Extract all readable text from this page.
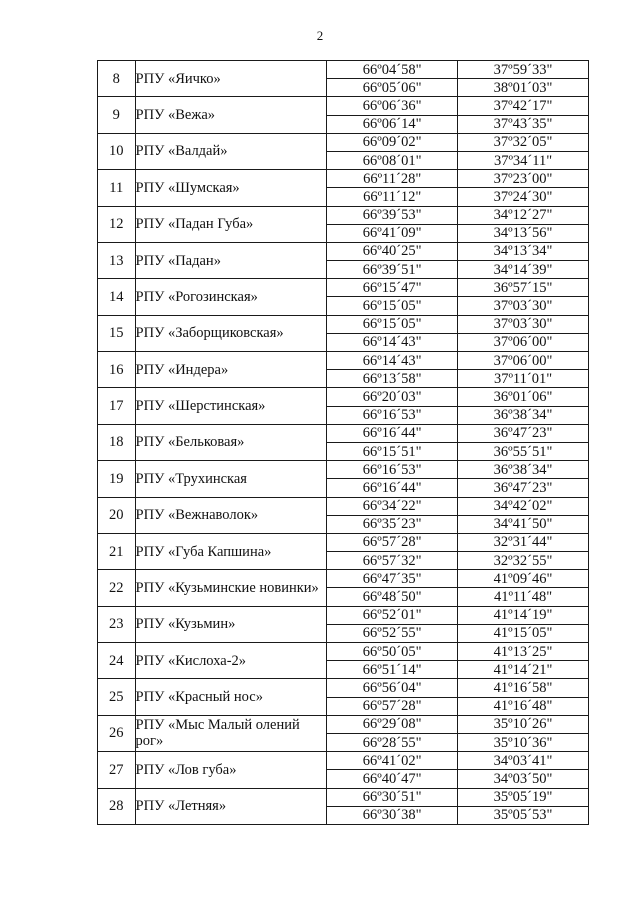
2
8	РПУ «Яичко»	66º04´58"	37º59´33"
		66º05´06"	38º01´03"
9	РПУ «Вежа»	66º06´36"	37º42´17"
		66º06´14"	37º43´35"
10	РПУ «Валдай»	66º09´02"	37º32´05"
		66º08´01"	37º34´11"
11	РПУ «Шумская»	66º11´28"	37º23´00"
		66º11´12"	37º24´30"
12	РПУ «Падан Губа»	66º39´53"	34º12´27"
		66º41´09"	34º13´56"
13	РПУ «Падан»	66º40´25"	34º13´34"
		66º39´51"	34º14´39"
14	РПУ «Рогозинская»	66º15´47"	36º57´15"
		66º15´05"	37º03´30"
15	РПУ «Заборщиковская»	66º15´05"	37º03´30"
		66º14´43"	37º06´00"
16	РПУ «Индера»	66º14´43"	37º06´00"
		66º13´58"	37º11´01"
17	РПУ «Шерстинская»	66º20´03"	36º01´06"
		66º16´53"	36º38´34"
18	РПУ «Бельковая»	66º16´44"	36º47´23"
		66º15´51"	36º55´51"
19	РПУ «Трухинская	66º16´53"	36º38´34"
		66º16´44"	36º47´23"
20	РПУ «Вежнаволок»	66º34´22"	34º42´02"
		66º35´23"	34º41´50"
21	РПУ «Губа Капшина»	66º57´28"	32º31´44"
		66º57´32"	32º32´55"
22	РПУ «Кузьминские новинки»	66º47´35"	41º09´46"
		66º48´50"	41º11´48"
23	РПУ «Кузьмин»	66º52´01"	41º14´19"
		66º52´55"	41º15´05"
24	РПУ «Кислоха-2»	66º50´05"	41º13´25"
		66º51´14"	41º14´21"
25	РПУ «Красный нос»	66º56´04"	41º16´58"
		66º57´28"	41º16´48"
26	РПУ «Мыс Малый олений рог»	66º29´08"	35º10´26"
		66º28´55"	35º10´36"
27	РПУ «Лов губа»	66º41´02"	34º03´41"
		66º40´47"	34º03´50"
28	РПУ «Летняя»	66º30´51"	35º05´19"
		66º30´38"	35º05´53"
